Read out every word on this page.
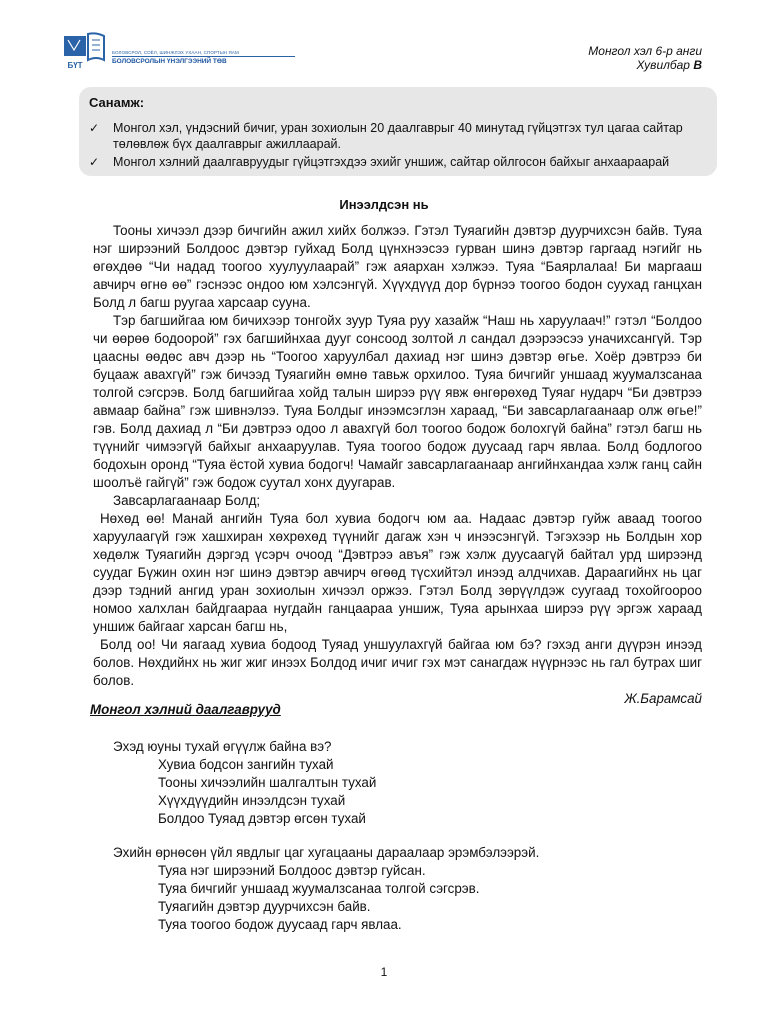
БҮТ
БОЛОВСРОЛ, СОЁЛ, ШИНЖЛЭХ УХААН, СПОРТЫН ЯАМ
БОЛОВСРОЛЫН ҮНЭЛГЭЭНИЙ ТӨВ
Монгол хэл 6-р анги
Хувилбар В
Санамж:
✓ Монгол хэл, үндэсний бичиг, уран зохиолын 20 даалгаврыг 40 минутад гүйцэтгэх тул цагаа сайтар төлөвлөж бүх даалгаврыг ажиллаарай.
✓ Монгол хэлний даалгавруудыг гүйцэтгэхдээ эхийг уншиж, сайтар ойлгосон байхыг анхаараарай
Инээлдсэн нь

Тооны хичээл дээр бичгийн ажил хийх болжээ. Гэтэл Туяагийн дэвтэр дуурчихсэн байв. Туяа нэг ширээний Болдоос дэвтэр гуйхад Болд цүнхнээсээ гурван шинэ дэвтэр гаргаад нэгийг нь өгөхдөө “Чи надад тоогоо хуулуулаарай” гэж аяархан хэлжээ. Туяа “Баярлалаа! Би маргааш авчирч өгнө өө” гэснээс ондоо юм хэлсэнгүй. Хүүхдүүд дор бүрнээ тоогоо бодон суухад ганцхан Болд л багш руугаа харсаар сууна.

Тэр багшийгаа юм бичихээр тонгойх зуур Туяа руу хазайж “Наш нь харуулаач!” гэтэл “Болдоо чи өөрөө бодоорой” гэх багшийнхаа дууг сонсоод золтой л сандал дээрээсээ уначихсангүй. Тэр цаасны өөдөс авч дээр нь “Тоогоо харуулбал дахиад нэг шинэ дэвтэр өгье. Хоёр дэвтрээ би буцааж авахгүй” гэж бичээд Туяагийн өмнө тавьж орхилоо. Туяа бичгийг уншаад жуумалзсанаа толгой сэгсрэв. Болд багшийгаа хойд талын ширээ рүү явж өнгөрөхөд Туяаг нударч “Би дэвтрээ авмаар байна” гэж шивнэлээ. Туяа Болдыг инээмсэглэн хараад, “Би завсарлагаанаар олж өгье!” гэв. Болд дахиад л “Би дэвтрээ одоо л авахгүй бол тоогоо бодож болохгүй байна” гэтэл багш нь түүнийг чимээгүй байхыг анхааруулав. Туяа тоогоо бодож дуусаад гарч явлаа. Болд бодлогоо бодохын оронд “Туяа ёстой хувиа бодогч! Чамайг завсарлагаанаар ангийнхандаа хэлж ганц сайн шоолъё гайгүй” гэж бодож суутал хонх дуугарав.

Завсарлагаанаар Болд;

Нөхөд өө! Манай ангийн Туяа бол хувиа бодогч юм аа. Надаас дэвтэр гуйж аваад тоогоо харуулаагүй гэж хашхиран хөхрөхөд түүнийг дагаж хэн ч инээсэнгүй. Тэгэхээр нь Болдын хор хөдөлж Туяагийн дэргэд үсэрч очоод “Дэвтрээ авъя” гэж хэлж дуусаагүй байтал урд ширээнд суудаг Бүжин охин нэг шинэ дэвтэр авчирч өгөөд түсхийтэл инээд алдчихав. Дараагийнх нь цаг дээр тэдний ангид уран зохиолын хичээл оржээ. Гэтэл Болд зөрүүлдэж суугаад тохойгоороо номоо халхлан байдгаараа нугдайн ганцаараа уншиж, Туяа арынхаа ширээ рүү эргэж хараад уншиж байгааг харсан багш нь,

Болд оо! Чи яагаад хувиа бодоод Туяад уншуулахгүй байгаа юм бэ? гэхэд анги дүүрэн инээд болов. Нөхдийнх нь жиг жиг инээх Болдод ичиг ичиг гэх мэт санагдаж нүүрнээс нь гал бутрах шиг болов.

Ж.Барамсай

Монгол хэлний даалгаврууд
Эхэд юуны тухай өгүүлж байна вэ?
Хувиа бодсон зангийн тухай
Тооны хичээлийн шалгалтын тухай
Хүүхдүүдийн инээлдсэн тухай
Болдоо Туяад дэвтэр өгсөн тухай
Эхийн өрнөсөн үйл явдлыг цаг хугацааны дараалаар эрэмбэлээрэй.
Туяа нэг ширээний Болдоос дэвтэр гуйсан.
Туяа бичгийг уншаад жуумалзсанаа толгой сэгсрэв.
Туяагийн дэвтэр дуурчихсэн байв.
Туяа тоогоо бодож дуусаад гарч явлаа.
1
